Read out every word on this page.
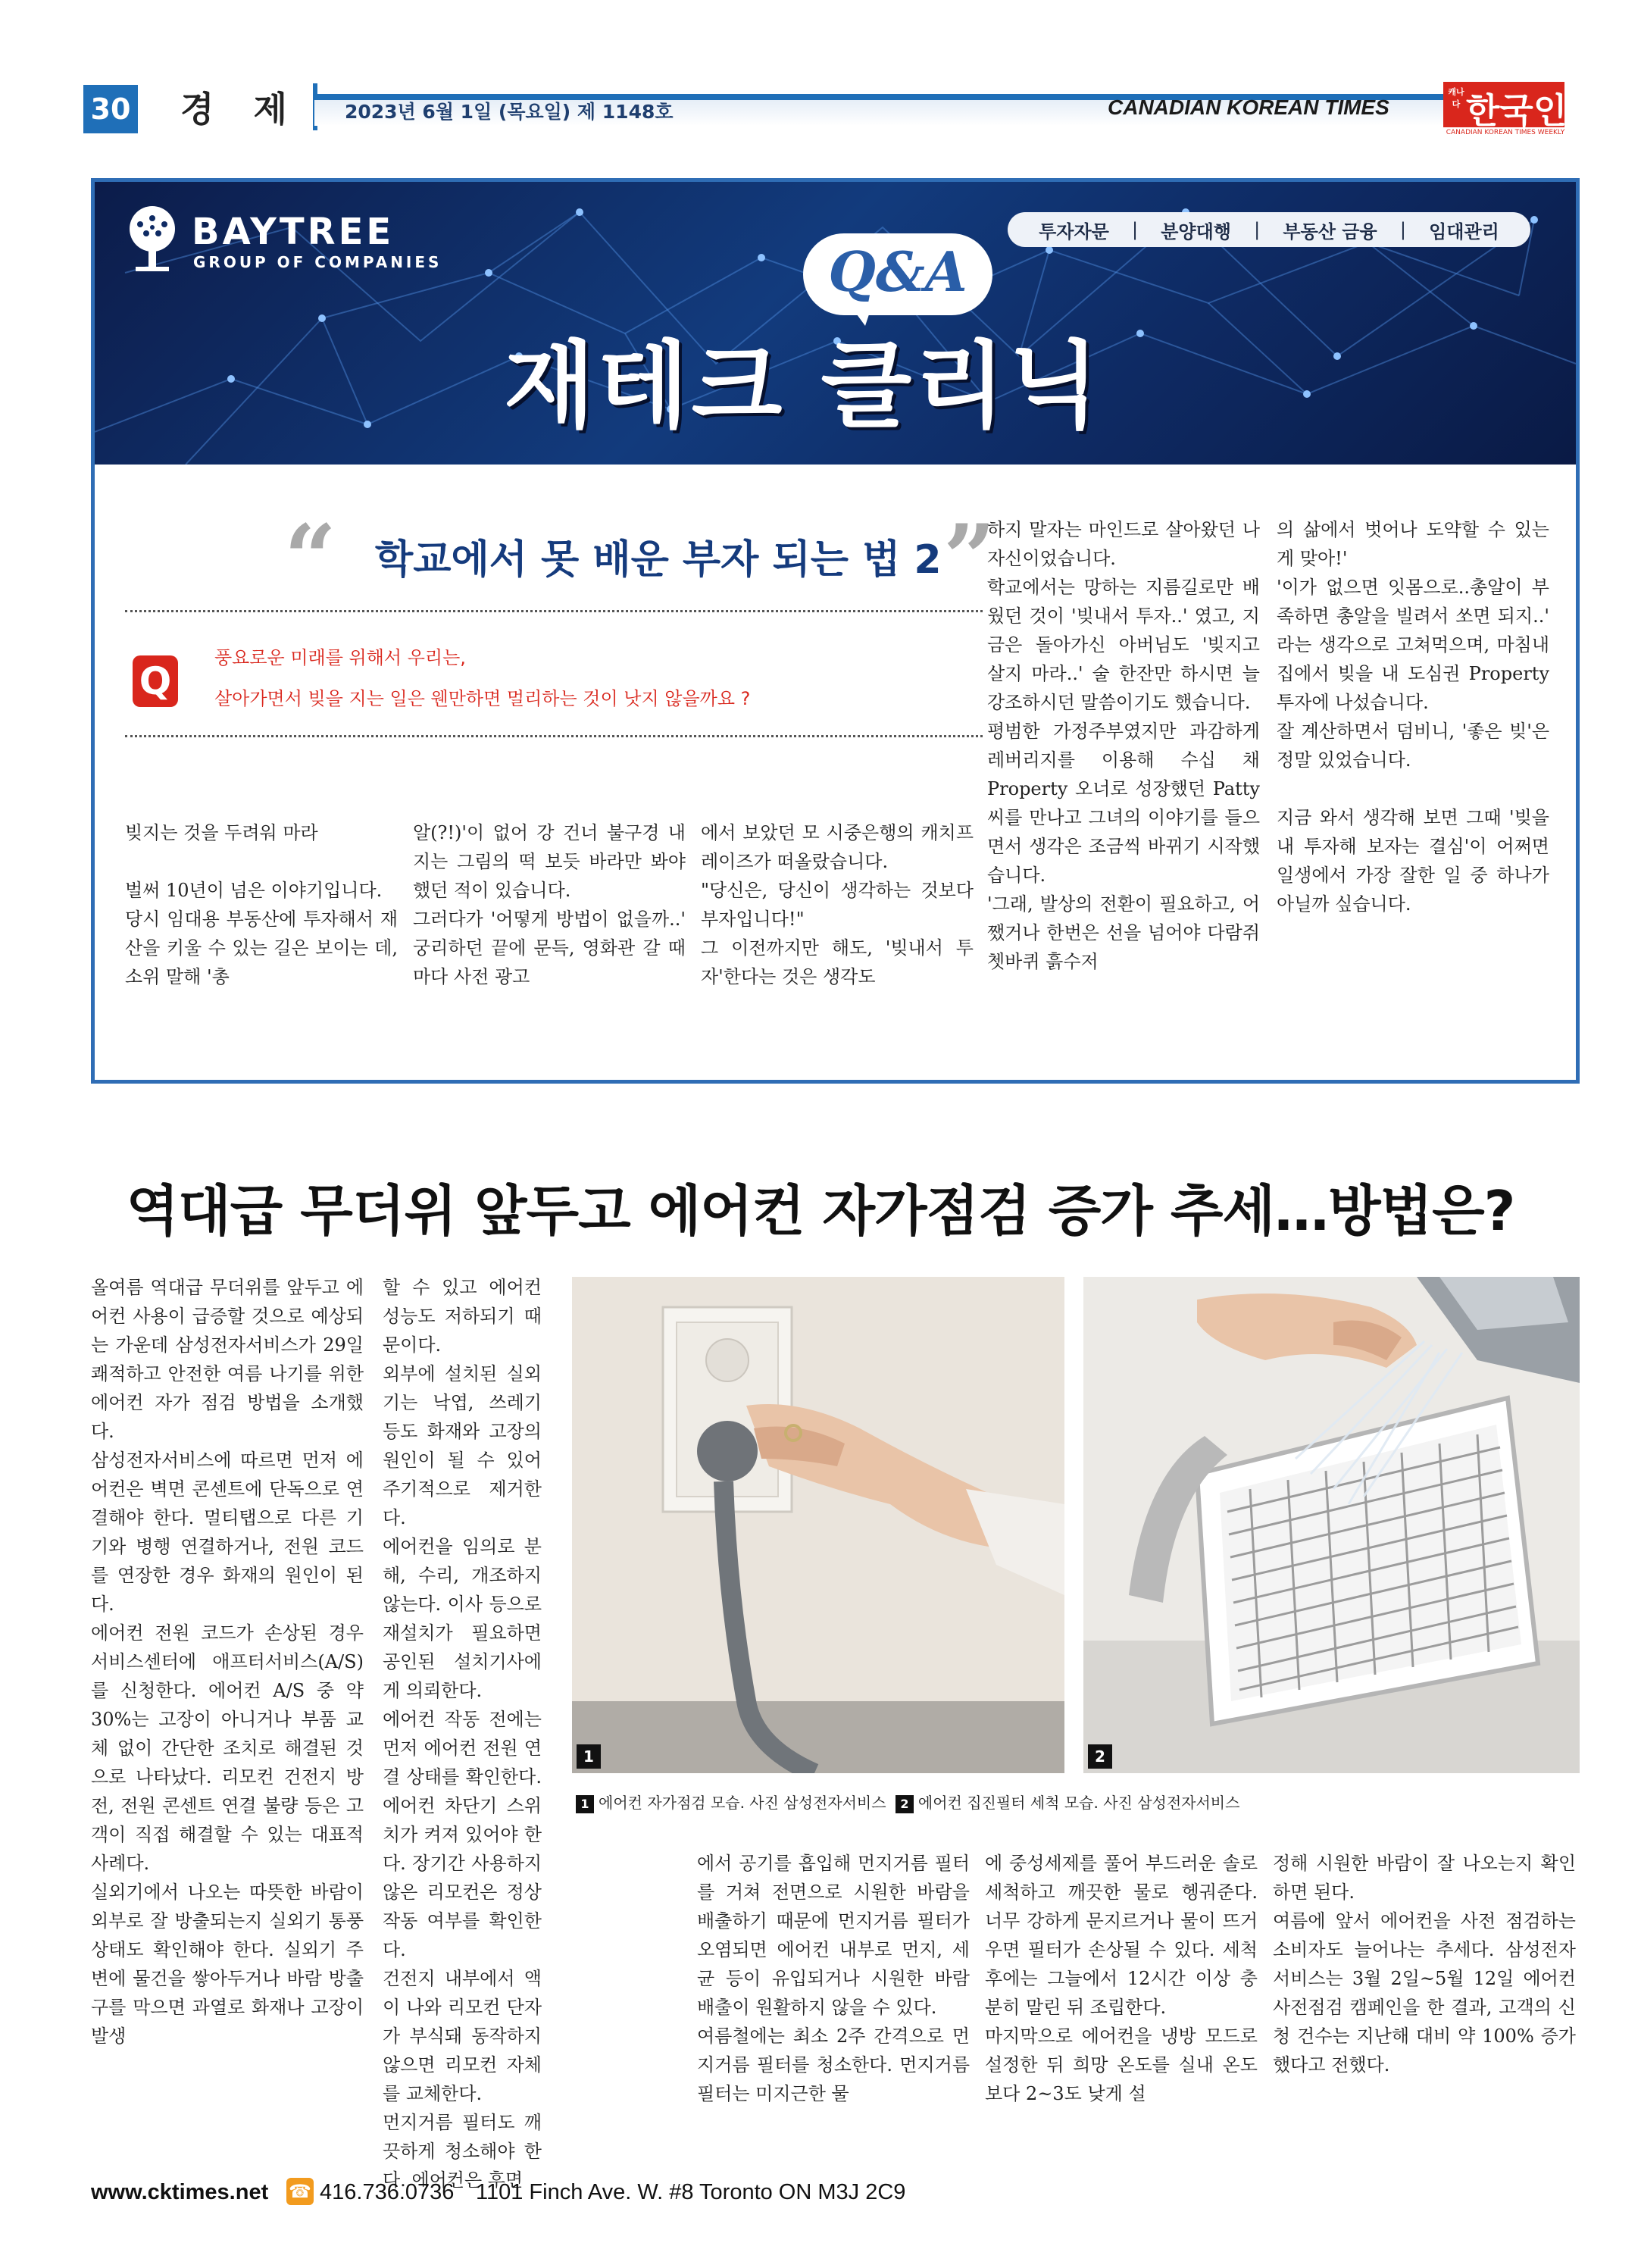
30 경 제 2023년 6월 1일 (목요일) 제 1148호	CANADIAN KOREAN TIMES
캐나다 한국인
CANADIAN KOREAN TIMES WEEKLY
BAYTREE
GROUP OF COMPANIES
투자자문 | 분양대행 | 부동산 금융 | 임대관리
Q&A
재테크 클리닉
“ 학교에서 못 배운 부자 되는 법 2 ”
Q
풍요로운 미래를 위해서 우리는,
살아가면서 빚을 지는 일은 웬만하면 멀리하는 것이 낫지 않을까요 ?

빚지는 것을 두려워 마라

벌써 10년이 넘은 이야기입니다.

당시 임대용 부동산에 투자해서 재산을 키울 수 있는 길은 보이는 데, 소위 말해 '총

알(?!)'이 없어 강 건너 불구경 내지는 그림의 떡 보듯 바라만 봐야 했던 적이 있습니다.

그러다가 '어떻게 방법이 없을까..' 궁리하던 끝에 문득, 영화관 갈 때마다 사전 광고

에서 보았던 모 시중은행의 캐치프레이즈가 떠올랐습니다.

"당신은, 당신이 생각하는 것보다 부자입니다!"

그 이전까지만 해도, '빚내서 투자'한다는 것은 생각도

하지 말자는 마인드로 살아왔던 나 자신이었습니다.

학교에서는 망하는 지름길로만 배웠던 것이 '빚내서 투자..' 였고, 지금은 돌아가신 아버님도 '빚지고 살지 마라..' 술 한잔만 하시면 늘 강조하시던 말씀이기도 했습니다.

평범한 가정주부였지만 과감하게 레버리지를 이용해 수십 채 Property 오너로 성장했던 Patty씨를 만나고 그녀의 이야기를 들으면서 생각은 조금씩 바뀌기 시작했습니다.

'그래, 발상의 전환이 필요하고, 어쨌거나 한번은 선을 넘어야 다람쥐 쳇바퀴 흙수저

의 삶에서 벗어나 도약할 수 있는 게 맞아!'

'이가 없으면 잇몸으로..총알이 부족하면 총알을 빌려서 쏘면 되지..' 라는 생각으로 고쳐먹으며, 마침내 집에서 빚을 내 도심권 Property 투자에 나섰습니다.

잘 계산하면서 덤비니, '좋은 빚'은 정말 있었습니다.

지금 와서 생각해 보면 그때 '빚을 내 투자해 보자는 결심'이 어쩌면 일생에서 가장 잘한 일 중 하나가 아닐까 싶습니다.

역대급 무더위 앞두고 에어컨 자가점검 증가 추세…방법은?

올여름 역대급 무더위를 앞두고 에어컨 사용이 급증할 것으로 예상되는 가운데 삼성전자서비스가 29일 쾌적하고 안전한 여름 나기를 위한 에어컨 자가 점검 방법을 소개했다.

삼성전자서비스에 따르면 먼저 에어컨은 벽면 콘센트에 단독으로 연결해야 한다. 멀티탭으로 다른 기기와 병행 연결하거나, 전원 코드를 연장한 경우 화재의 원인이 된다.

에어컨 전원 코드가 손상된 경우 서비스센터에 애프터서비스(A/S)를 신청한다. 에어컨 A/S 중 약 30%는 고장이 아니거나 부품 교체 없이 간단한 조치로 해결된 것으로 나타났다. 리모컨 건전지 방전, 전원 콘센트 연결 불량 등은 고객이 직접 해결할 수 있는 대표적 사례다.

실외기에서 나오는 따뜻한 바람이 외부로 잘 방출되는지 실외기 통풍 상태도 확인해야 한다. 실외기 주변에 물건을 쌓아두거나 바람 방출구를 막으면 과열로 화재나 고장이 발생

할 수 있고 에어컨 성능도 저하되기 때문이다.

외부에 설치된 실외기는 낙엽, 쓰레기 등도 화재와 고장의 원인이 될 수 있어 주기적으로 제거한다.

에어컨을 임의로 분해, 수리, 개조하지 않는다. 이사 등으로 재설치가 필요하면 공인된 설치기사에게 의뢰한다.

에어컨 작동 전에는 먼저 에어컨 전원 연결 상태를 확인한다. 에어컨 차단기 스위치가 켜져 있어야 한다. 장기간 사용하지 않은 리모컨은 정상 작동 여부를 확인한다.

건전지 내부에서 액이 나와 리모컨 단자가 부식돼 동작하지 않으면 리모컨 자체를 교체한다.

먼지거름 필터도 깨끗하게 청소해야 한다. 에어컨은 후면

1	2
1 에어컨 자가점검 모습. 사진 삼성전자서비스 2 에어컨 집진필터 세척 모습. 사진 삼성전자서비스

에서 공기를 흡입해 먼지거름 필터를 거쳐 전면으로 시원한 바람을 배출하기 때문에 먼지거름 필터가 오염되면 에어컨 내부로 먼지, 세균 등이 유입되거나 시원한 바람 배출이 원활하지 않을 수 있다.

여름철에는 최소 2주 간격으로 먼지거름 필터를 청소한다. 먼지거름 필터는 미지근한 물

에 중성세제를 풀어 부드러운 솔로 세척하고 깨끗한 물로 헹궈준다. 너무 강하게 문지르거나 물이 뜨거우면 필터가 손상될 수 있다. 세척 후에는 그늘에서 12시간 이상 충분히 말린 뒤 조립한다.

마지막으로 에어컨을 냉방 모드로 설정한 뒤 희망 온도를 실내 온도보다 2~3도 낮게 설

정해 시원한 바람이 잘 나오는지 확인하면 된다.

여름에 앞서 에어컨을 사전 점검하는 소비자도 늘어나는 추세다. 삼성전자서비스는 3월 2일~5월 12일 에어컨 사전점검 캠페인을 한 결과, 고객의 신청 건수는 지난해 대비 약 100% 증가했다고 전했다.

www.cktimes.net ☎ 416.736.0736 1101 Finch Ave. W. #8 Toronto ON M3J 2C9
